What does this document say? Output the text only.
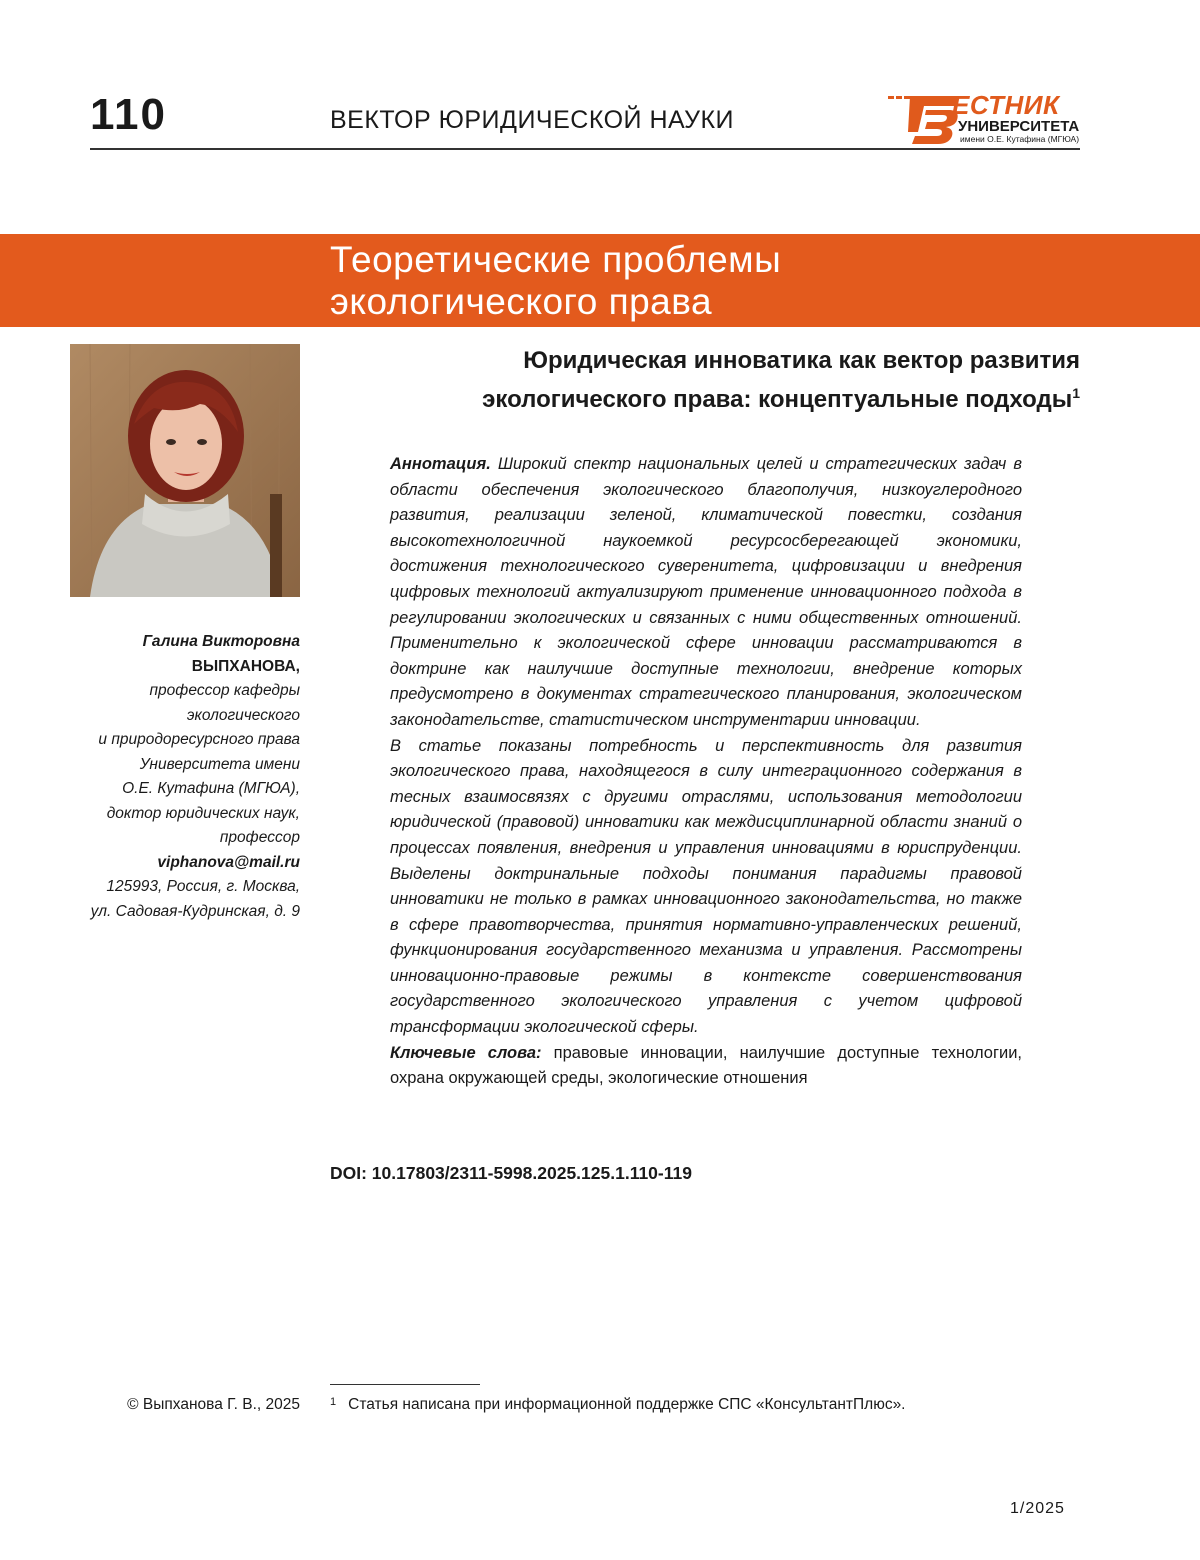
110	ВЕКТОР ЮРИДИЧЕСКОЙ НАУКИ	ЕСТНИК
УНИВЕРСИТЕТА
имени О.Е. Кутафина (МГЮА)
Теоретические проблемы
экологического права
Галина Викторовна
ВЫПХАНОВА,
профессор кафедры
экологического
и природоресурсного права
Университета имени
О.Е. Кутафина (МГЮА),
доктор юридических наук,
профессор
viphanova@mail.ru
125993, Россия, г. Москва,
ул. Садовая-Кудринская, д. 9
Юридическая инноватика как вектор развития
экологического права: концептуальные подходы1

Аннотация. Широкий спектр национальных целей и стратегических задач в области обеспечения экологического благополучия, низкоуглеродного развития, реализации зеленой, климатической повестки, создания высокотехнологичной наукоемкой ресурсосберегающей экономики, достижения технологического суверенитета, цифровизации и внедрения цифровых технологий актуализируют применение инновационного подхода в регулировании экологических и связанных с ними общественных отношений. Применительно к экологической сфере инновации рассматриваются в доктрине как наилучшие доступные технологии, внедрение которых предусмотрено в документах стратегического планирования, экологическом законодательстве, статистическом инструментарии инновации.

В статье показаны потребность и перспективность для развития экологического права, находящегося в силу интеграционного содержания в тесных взаимосвязях с другими отраслями, использования методологии юридической (правовой) инноватики как междисциплинарной области знаний о процессах появления, внедрения и управления инновациями в юриспруденции. Выделены доктринальные подходы понимания парадигмы правовой инноватики не только в рамках инновационного законодательства, но также в сфере правотворчества, принятия нормативно-управленческих решений, функционирования государственного механизма и управления. Рассмотрены инновационно-правовые режимы в контексте совершенствования государственного экологического управления с учетом цифровой трансформации экологической сферы.

Ключевые слова: правовые инновации, наилучшие доступные технологии, охрана окружающей среды, экологические отношения

DOI: 10.17803/2311-5998.2025.125.1.110-119
© Выпханова Г. В., 2025	1 Статья написана при информационной поддержке СПС «КонсультантПлюс».
1/2025
